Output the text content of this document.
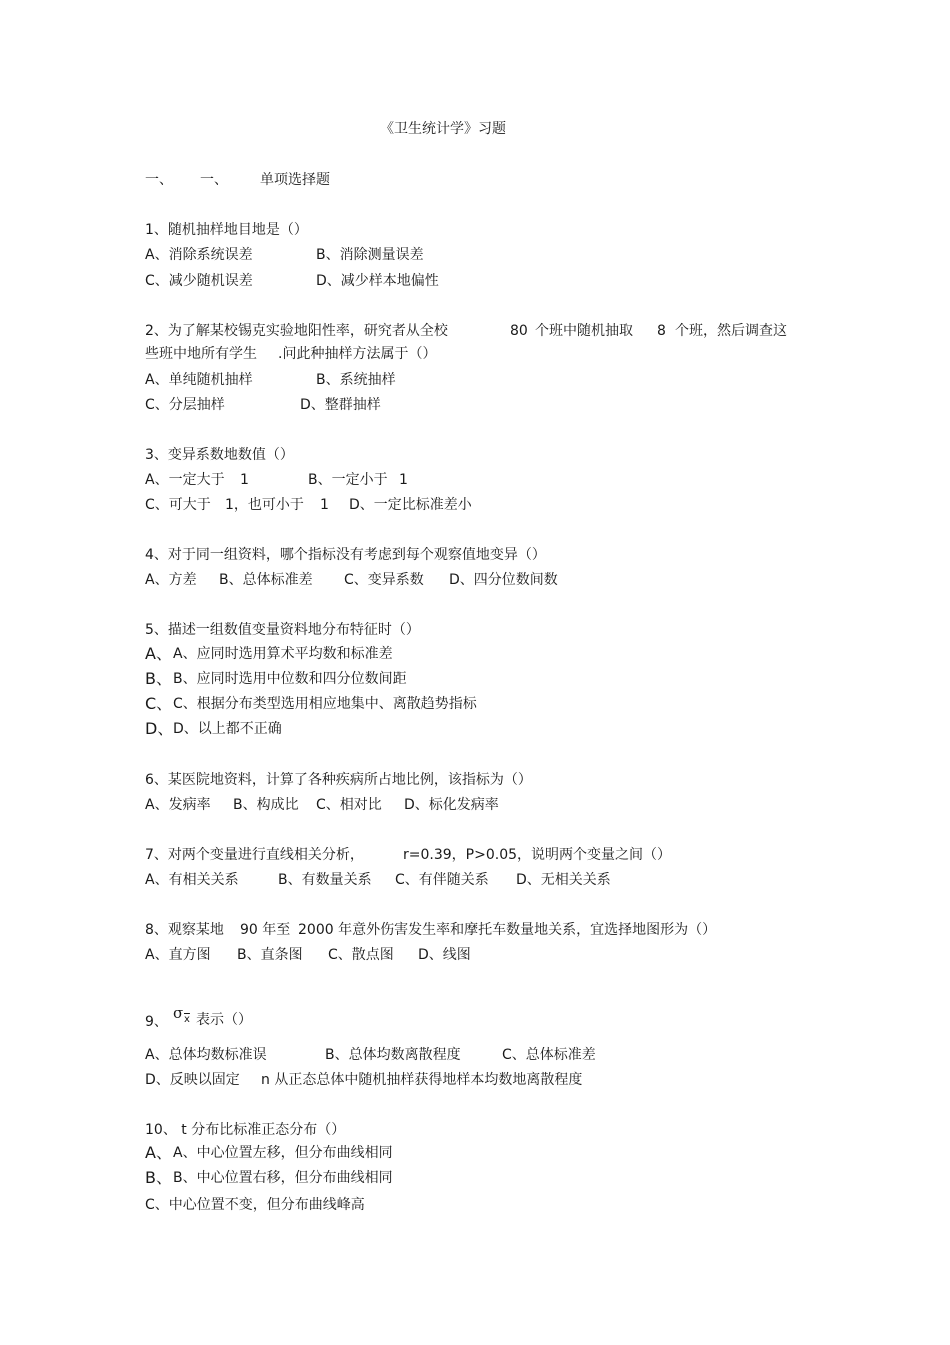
《卫生统计学》习题
一、 一、 单项选择题
1、随机抽样地目地是（）
A、消除系统误差	B、消除测量误差
C、减少随机误差	D、减少样本地偏性
2、为了解某校锡克实验地阳性率，研究者从全校	80 个班中随机抽取 8 个班，然后调查这
些班中地所有学生 .问此种抽样方法属于（）
A、单纯随机抽样	B、系统抽样
C、分层抽样	D、整群抽样
3、变异系数地数值（）
A、一定大于 1	B、一定小于 1
C、可大于 1，也可小于 1 D、一定比标准差小
4、对于同一组资料，哪个指标没有考虑到每个观察值地变异（）
A、方差 B、总体标准差 C、变异系数 D、四分位数间数
5、描述一组数值变量资料地分布特征时（）
A、 A、应同时选用算术平均数和标准差
B、 B、应同时选用中位数和四分位数间距
C、 C、根据分布类型选用相应地集中、离散趋势指标
D、 D、以上都不正确
6、某医院地资料，计算了各种疾病所占地比例，该指标为（）
A、发病率 B、构成比 C、相对比 D、标化发病率
7、对两个变量进行直线相关分析，	r=0.39，P>0.05，说明两个变量之间（）
A、有相关关系	B、有数量关系 C、有伴随关系 D、无相关关系
8、观察某地 90 年至 2000 年意外伤害发生率和摩托车数量地关系，宜选择地图形为（）
A、直方图 B、直条图 C、散点图 D、线图
9、 σ $\overline{x}$ 表示（）
A、总体均数标准误	B、总体均数离散程度	C、总体标准差
D、反映以固定 n 从正态总体中随机抽样获得地样本均数地离散程度
10、 t 分布比标准正态分布（）
A、 A、中心位置左移，但分布曲线相同
B、 B、中心位置右移，但分布曲线相同
C、中心位置不变，但分布曲线峰高
